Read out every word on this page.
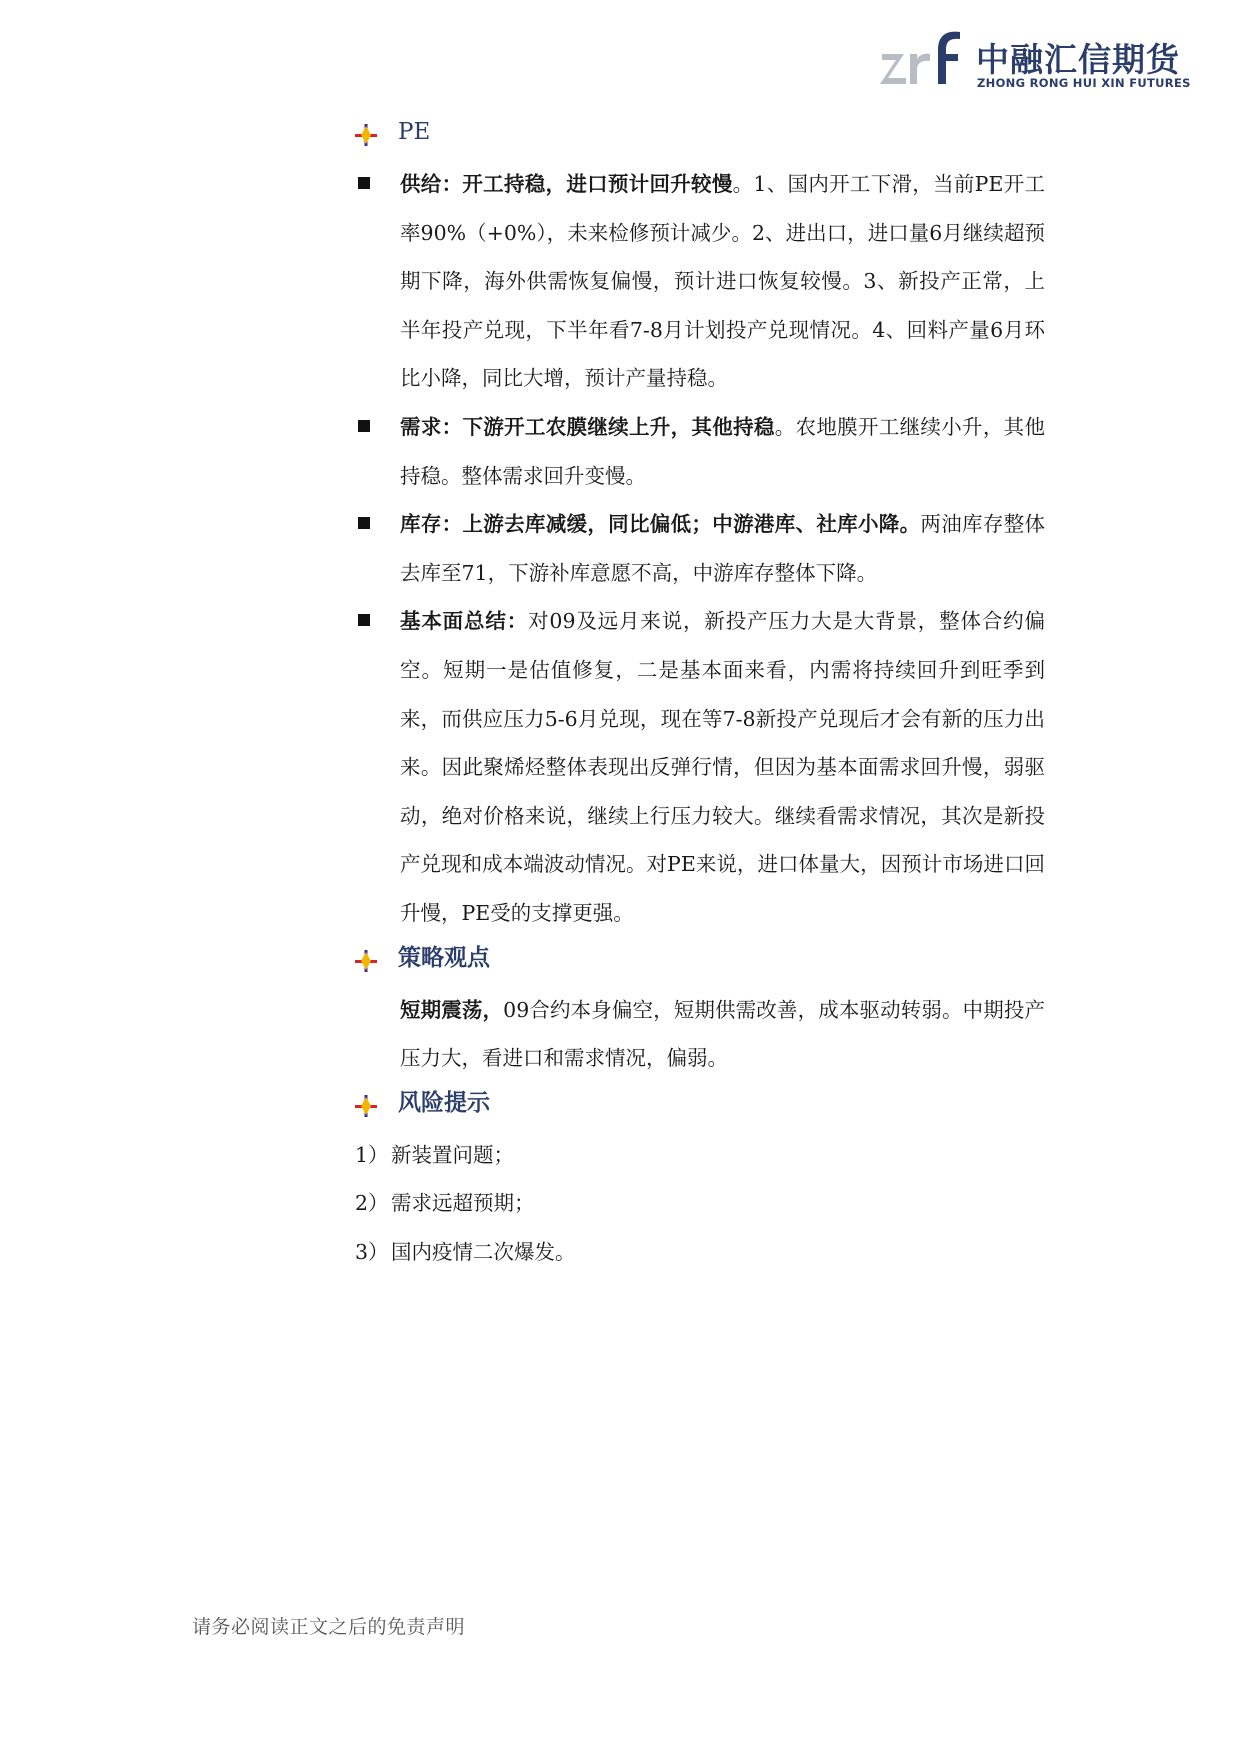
中融汇信期货
ZHONG RONG HUI XIN FUTURES
PE

供给：开工持稳，进口预计回升较慢。1、国内开工下滑，当前PE开工率90%（+0%），未来检修预计减少。2、进出口，进口量6月继续超预期下降，海外供需恢复偏慢，预计进口恢复较慢。3、新投产正常，上半年投产兑现，下半年看7-8月计划投产兑现情况。4、回料产量6月环比小降，同比大增，预计产量持稳。

需求：下游开工农膜继续上升，其他持稳。农地膜开工继续小升，其他持稳。整体需求回升变慢。

库存：上游去库减缓，同比偏低；中游港库、社库小降。两油库存整体去库至71，下游补库意愿不高，中游库存整体下降。

基本面总结：对09及远月来说，新投产压力大是大背景，整体合约偏空。短期一是估值修复，二是基本面来看，内需将持续回升到旺季到来，而供应压力5-6月兑现，现在等7-8新投产兑现后才会有新的压力出来。因此聚烯烃整体表现出反弹行情，但因为基本面需求回升慢，弱驱动，绝对价格来说，继续上行压力较大。继续看需求情况，其次是新投产兑现和成本端波动情况。对PE来说，进口体量大，因预计市场进口回升慢，PE受的支撑更强。

策略观点

短期震荡，09合约本身偏空，短期供需改善，成本驱动转弱。中期投产压力大，看进口和需求情况，偏弱。

风险提示

1） 新装置问题；

2） 需求远超预期；

3） 国内疫情二次爆发。

请务必阅读正文之后的免责声明
